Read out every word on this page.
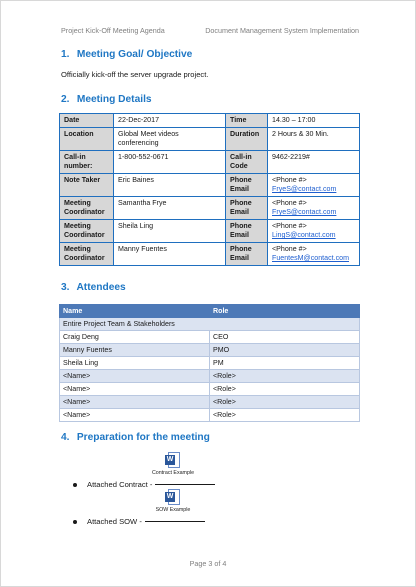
Project Kick-Off Meeting Agenda	Document Management System Implementation
1. Meeting Goal/ Objective
Officially kick-off the server upgrade project.
2. Meeting Details
Date	22-Dec-2017	Time	14.30 – 17:00

Location	Global Meet videos conferencing	Duration	2 Hours & 30 Min.

Call-in number:	1-800-552-0671	Call-in Code	9462-2219#

Note Taker	Eric Baines	Phone Email	<Phone #>
FryeS@contact.com
Meeting Coordinator	Samantha Frye	Phone Email	<Phone #>
FryeS@contact.com
Meeting Coordinator	Sheila Ling	Phone Email	<Phone #>
LingS@contact.com
Meeting Coordinator	Manny Fuentes	Phone Email	<Phone #>
FuentesM@contact.com
3. Attendees
Name	Role
Entire Project Team & Stakeholders	
Craig Deng	CEO
Manny Fuentes	PMO
Sheila Ling	PM
<Name>	<Role>
<Name>	<Role>
<Name>	<Role>
<Name>	<Role>
4. Preparation for the meeting
W
Contract Example
Attached Contract -
W
SOW Example
Attached SOW -
Page 3 of 4
